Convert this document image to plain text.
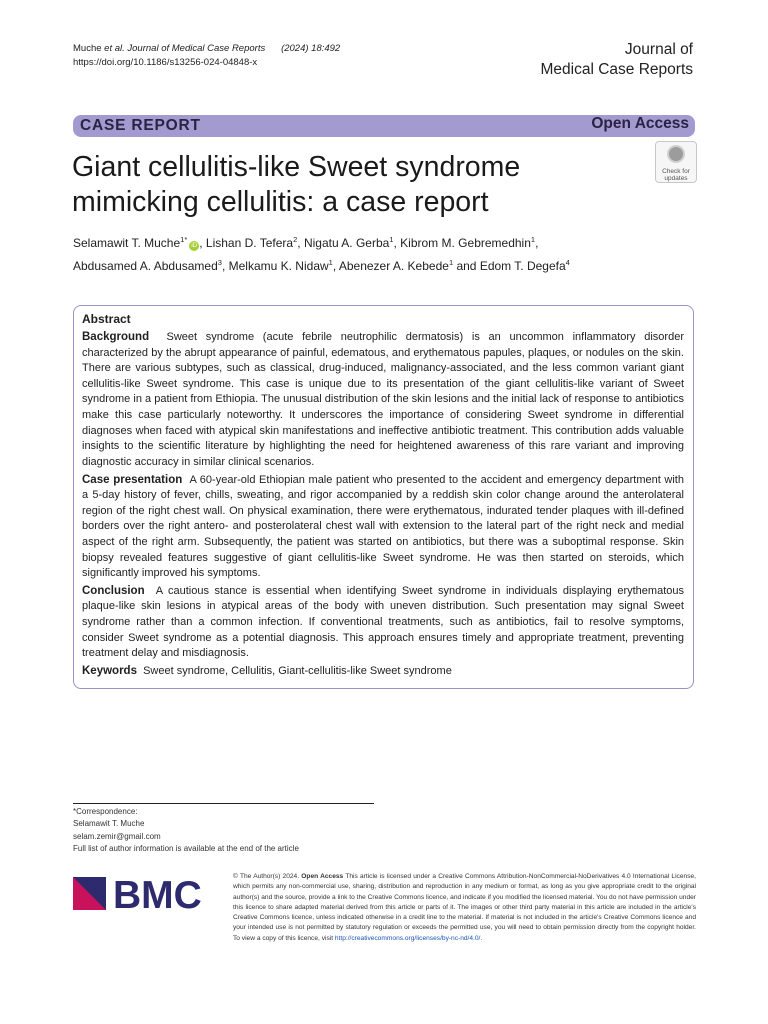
Muche et al. Journal of Medical Case Reports (2024) 18:492
https://doi.org/10.1186/s13256-024-04848-x
Journal of
Medical Case Reports
CASE REPORT	Open Access
Giant cellulitis-like Sweet syndrome mimicking cellulitis: a case report
Check for
updates
Selamawit T. Muche$^{1*}$iD , Lishan D. Tefera$^2$, Nigatu A. Gerba$^1$, Kibrom M. Gebremedhin$^1$,
Abdusamed A. Abdusamed$^3$, Melkamu K. Nidaw$^1$, Abenezer A. Kebede$^1$ and Edom T. Degefa$^4$
Abstract

Background Sweet syndrome (acute febrile neutrophilic dermatosis) is an uncommon inflammatory disorder characterized by the abrupt appearance of painful, edematous, and erythematous papules, plaques, or nodules on the skin. There are various subtypes, such as classical, drug-induced, malignancy-associated, and the less common variant giant cellulitis-like Sweet syndrome. This case is unique due to its presentation of the giant cellulitis-like variant of Sweet syndrome in a patient from Ethiopia. The unusual distribution of the skin lesions and the initial lack of response to antibiotics make this case particularly noteworthy. It underscores the importance of considering Sweet syndrome in differential diagnoses when faced with atypical skin manifestations and ineffective antibiotic treatment. This contribution adds valuable insights to the scientific literature by highlighting the need for heightened awareness of this rare variant and improving diagnostic accuracy in similar clinical scenarios.

Case presentation A 60-year-old Ethiopian male patient who presented to the accident and emergency department with a 5-day history of fever, chills, sweating, and rigor accompanied by a reddish skin color change around the anterolateral region of the right chest wall. On physical examination, there were erythematous, indurated tender plaques with ill-defined borders over the right antero- and posterolateral chest wall with extension to the lateral part of the right neck and medial aspect of the right arm. Subsequently, the patient was started on antibiotics, but there was a suboptimal response. Skin biopsy revealed features suggestive of giant cellulitis-like Sweet syndrome. He was then started on steroids, which significantly improved his symptoms.

Conclusion A cautious stance is essential when identifying Sweet syndrome in individuals displaying erythematous plaque-like skin lesions in atypical areas of the body with uneven distribution. Such presentation may signal Sweet syndrome rather than a common infection. If conventional treatments, such as antibiotics, fail to resolve symptoms, consider Sweet syndrome as a potential diagnosis. This approach ensures timely and appropriate treatment, preventing treatment delay and misdiagnosis.

Keywords Sweet syndrome, Cellulitis, Giant-cellulitis-like Sweet syndrome

*Correspondence:
Selamawit T. Muche
selam.zemir@gmail.com
Full list of author information is available at the end of the article
BMC	© The Author(s) 2024. Open Access This article is licensed under a Creative Commons Attribution-NonCommercial-NoDerivatives 4.0 International License, which permits any non-commercial use, sharing, distribution and reproduction in any medium or format, as long as you give appropriate credit to the original author(s) and the source, provide a link to the Creative Commons licence, and indicate if you modified the licensed material. You do not have permission under this licence to share adapted material derived from this article or parts of it. The images or other third party material in this article are included in the article's Creative Commons licence, unless indicated otherwise in a credit line to the material. If material is not included in the article's Creative Commons licence and your intended use is not permitted by statutory regulation or exceeds the permitted use, you will need to obtain permission directly from the copyright holder. To view a copy of this licence, visit http://creativecommons.org/licenses/by-nc-nd/4.0/.
